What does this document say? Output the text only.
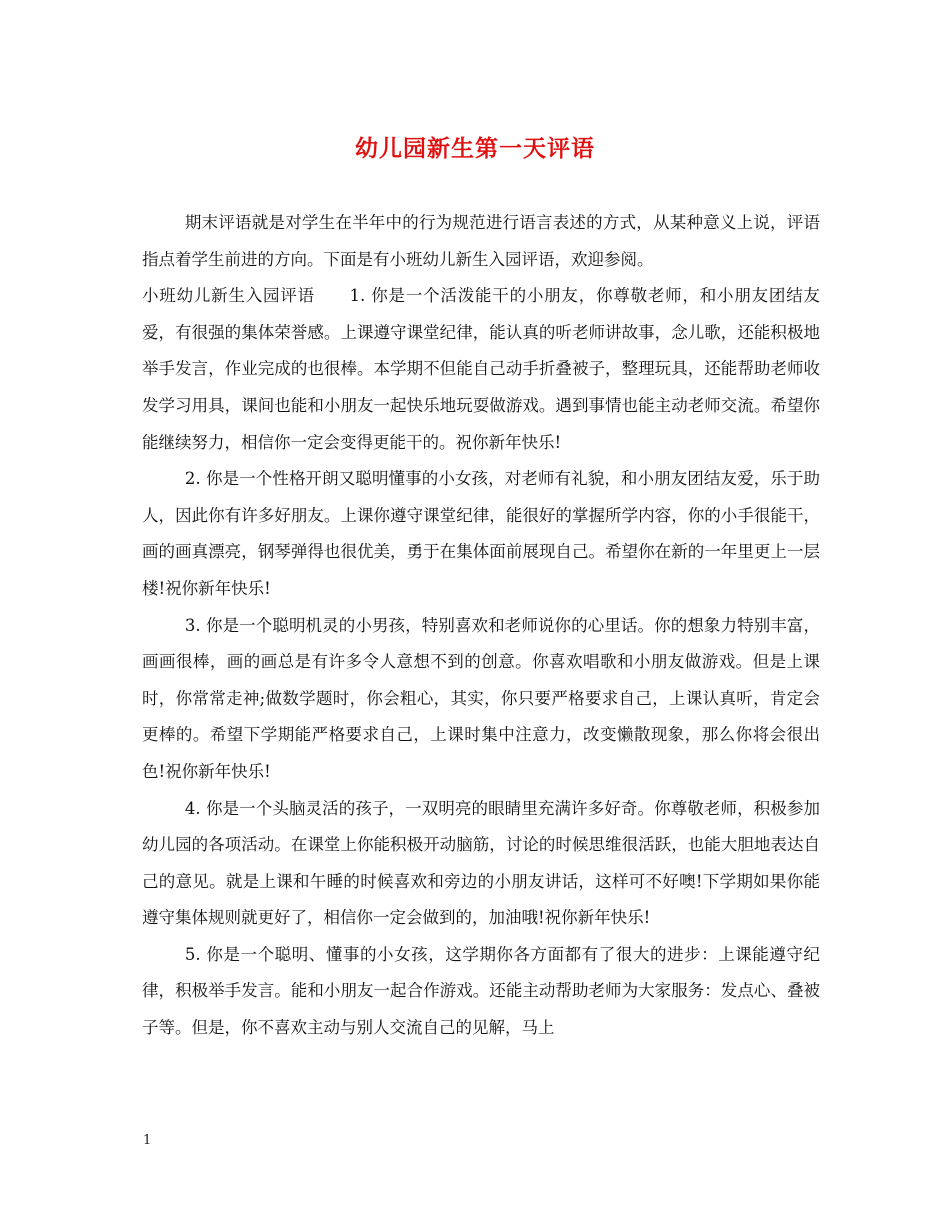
幼儿园新生第一天评语

期末评语就是对学生在半年中的行为规范进行语言表述的方式，从某种意义上说，评语指点着学生前进的方向。下面是有小班幼儿新生入园评语，欢迎参阅。

小班幼儿新生入园评语　　1. 你是一个活泼能干的小朋友，你尊敬老师，和小朋友团结友爱，有很强的集体荣誉感。上课遵守课堂纪律，能认真的听老师讲故事，念儿歌，还能积极地举手发言，作业完成的也很棒。本学期不但能自己动手折叠被子，整理玩具，还能帮助老师收发学习用具，课间也能和小朋友一起快乐地玩耍做游戏。遇到事情也能主动老师交流。希望你能继续努力，相信你一定会变得更能干的。祝你新年快乐!

2. 你是一个性格开朗又聪明懂事的小女孩，对老师有礼貌，和小朋友团结友爱，乐于助人，因此你有许多好朋友。上课你遵守课堂纪律，能很好的掌握所学内容，你的小手很能干，画的画真漂亮，钢琴弹得也很优美，勇于在集体面前展现自己。希望你在新的一年里更上一层楼!祝你新年快乐!

3. 你是一个聪明机灵的小男孩，特别喜欢和老师说你的心里话。你的想象力特别丰富，画画很棒，画的画总是有许多令人意想不到的创意。你喜欢唱歌和小朋友做游戏。但是上课时，你常常走神;做数学题时，你会粗心，其实，你只要严格要求自己，上课认真听，肯定会更棒的。希望下学期能严格要求自己，上课时集中注意力，改变懒散现象，那么你将会很出色!祝你新年快乐!

4. 你是一个头脑灵活的孩子，一双明亮的眼睛里充满许多好奇。你尊敬老师，积极参加幼儿园的各项活动。在课堂上你能积极开动脑筋，讨论的时候思维很活跃，也能大胆地表达自己的意见。就是上课和午睡的时候喜欢和旁边的小朋友讲话，这样可不好噢!下学期如果你能遵守集体规则就更好了，相信你一定会做到的，加油哦!祝你新年快乐!

5. 你是一个聪明、懂事的小女孩，这学期你各方面都有了很大的进步：上课能遵守纪律，积极举手发言。能和小朋友一起合作游戏。还能主动帮助老师为大家服务：发点心、叠被子等。但是，你不喜欢主动与别人交流自己的见解，马上

1
